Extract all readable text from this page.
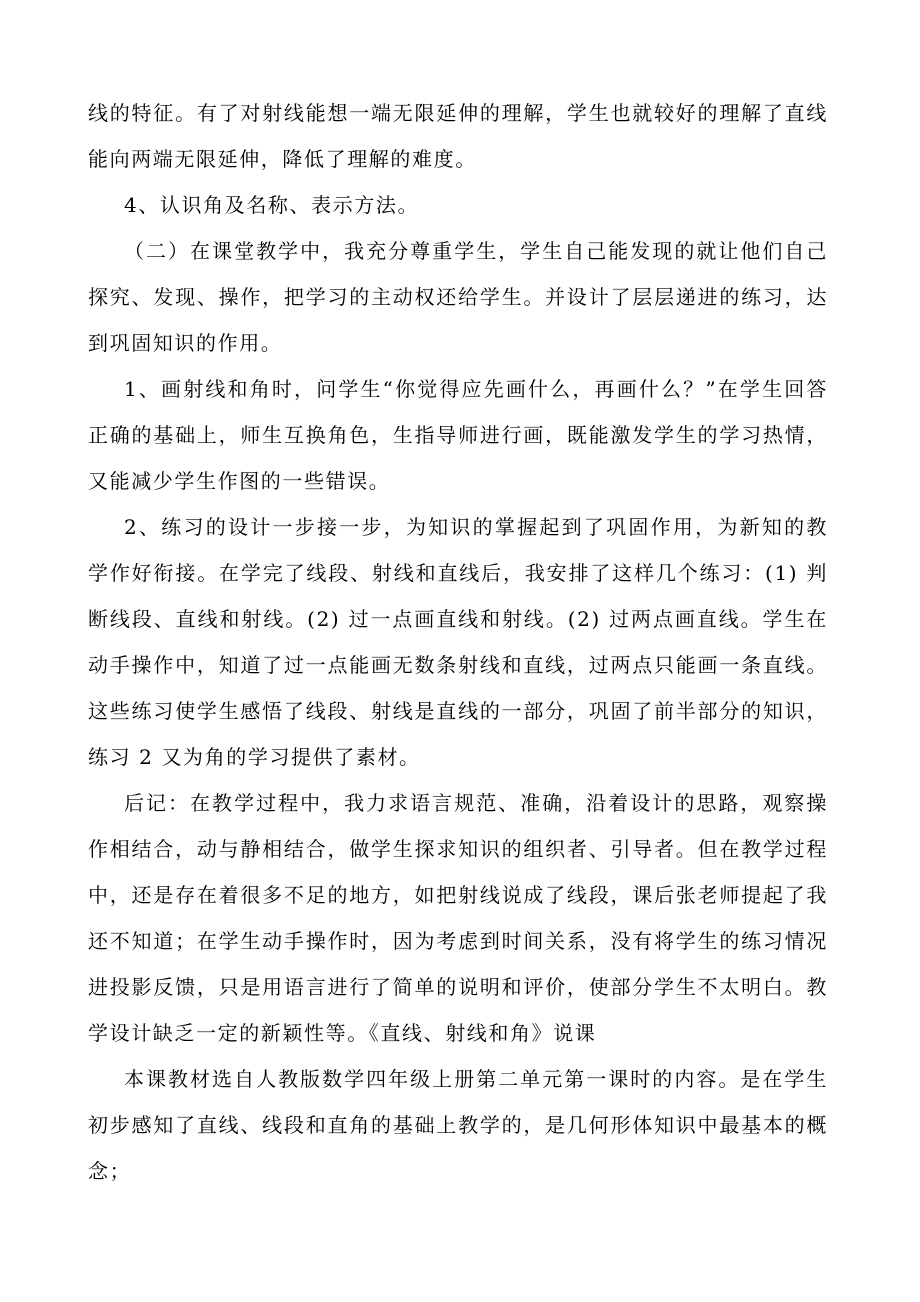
线的特征。有了对射线能想一端无限延伸的理解，学生也就较好的理解了直线能向两端无限延伸，降低了理解的难度。

4、认识角及名称、表示方法。

（二）在课堂教学中，我充分尊重学生，学生自己能发现的就让他们自己探究、发现、操作，把学习的主动权还给学生。并设计了层层递进的练习，达到巩固知识的作用。

1、画射线和角时，问学生“你觉得应先画什么，再画什么？”在学生回答正确的基础上，师生互换角色，生指导师进行画，既能激发学生的学习热情，又能减少学生作图的一些错误。

2、练习的设计一步接一步，为知识的掌握起到了巩固作用，为新知的教学作好衔接。在学完了线段、射线和直线后，我安排了这样几个练习：(1) 判断线段、直线和射线。(2) 过一点画直线和射线。(2) 过两点画直线。学生在动手操作中，知道了过一点能画无数条射线和直线，过两点只能画一条直线。这些练习使学生感悟了线段、射线是直线的一部分，巩固了前半部分的知识，练习 2 又为角的学习提供了素材。

后记：在教学过程中，我力求语言规范、准确，沿着设计的思路，观察操作相结合，动与静相结合，做学生探求知识的组织者、引导者。但在教学过程中，还是存在着很多不足的地方，如把射线说成了线段，课后张老师提起了我还不知道；在学生动手操作时，因为考虑到时间关系，没有将学生的练习情况进投影反馈，只是用语言进行了简单的说明和评价，使部分学生不太明白。教学设计缺乏一定的新颖性等。《直线、射线和角》说课

本课教材选自人教版数学四年级上册第二单元第一课时的内容。是在学生初步感知了直线、线段和直角的基础上教学的，是几何形体知识中最基本的概念；
